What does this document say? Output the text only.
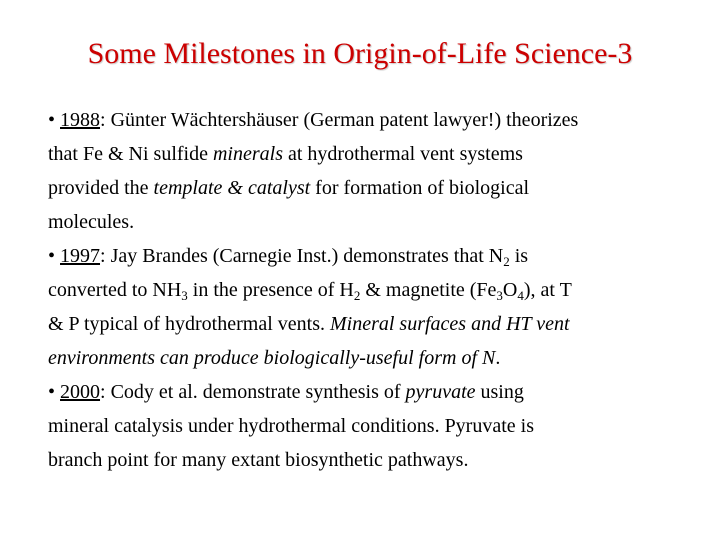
Some Milestones in Origin-of-Life Science-3
• 1988: Günter Wächtershäuser (German patent lawyer!) theorizes
that Fe & Ni sulfide minerals at hydrothermal vent systems
provided the template & catalyst for formation of biological
molecules.
• 1997: Jay Brandes (Carnegie Inst.) demonstrates that $N_2$ is
converted to $NH_3$ in the presence of $H_2$ & magnetite $(Fe_3O_4)$, at T
& P typical of hydrothermal vents. Mineral surfaces and HT vent
environments can produce biologically-useful form of N.
• 2000: Cody et al. demonstrate synthesis of pyruvate using
mineral catalysis under hydrothermal conditions. Pyruvate is
branch point for many extant biosynthetic pathways.
